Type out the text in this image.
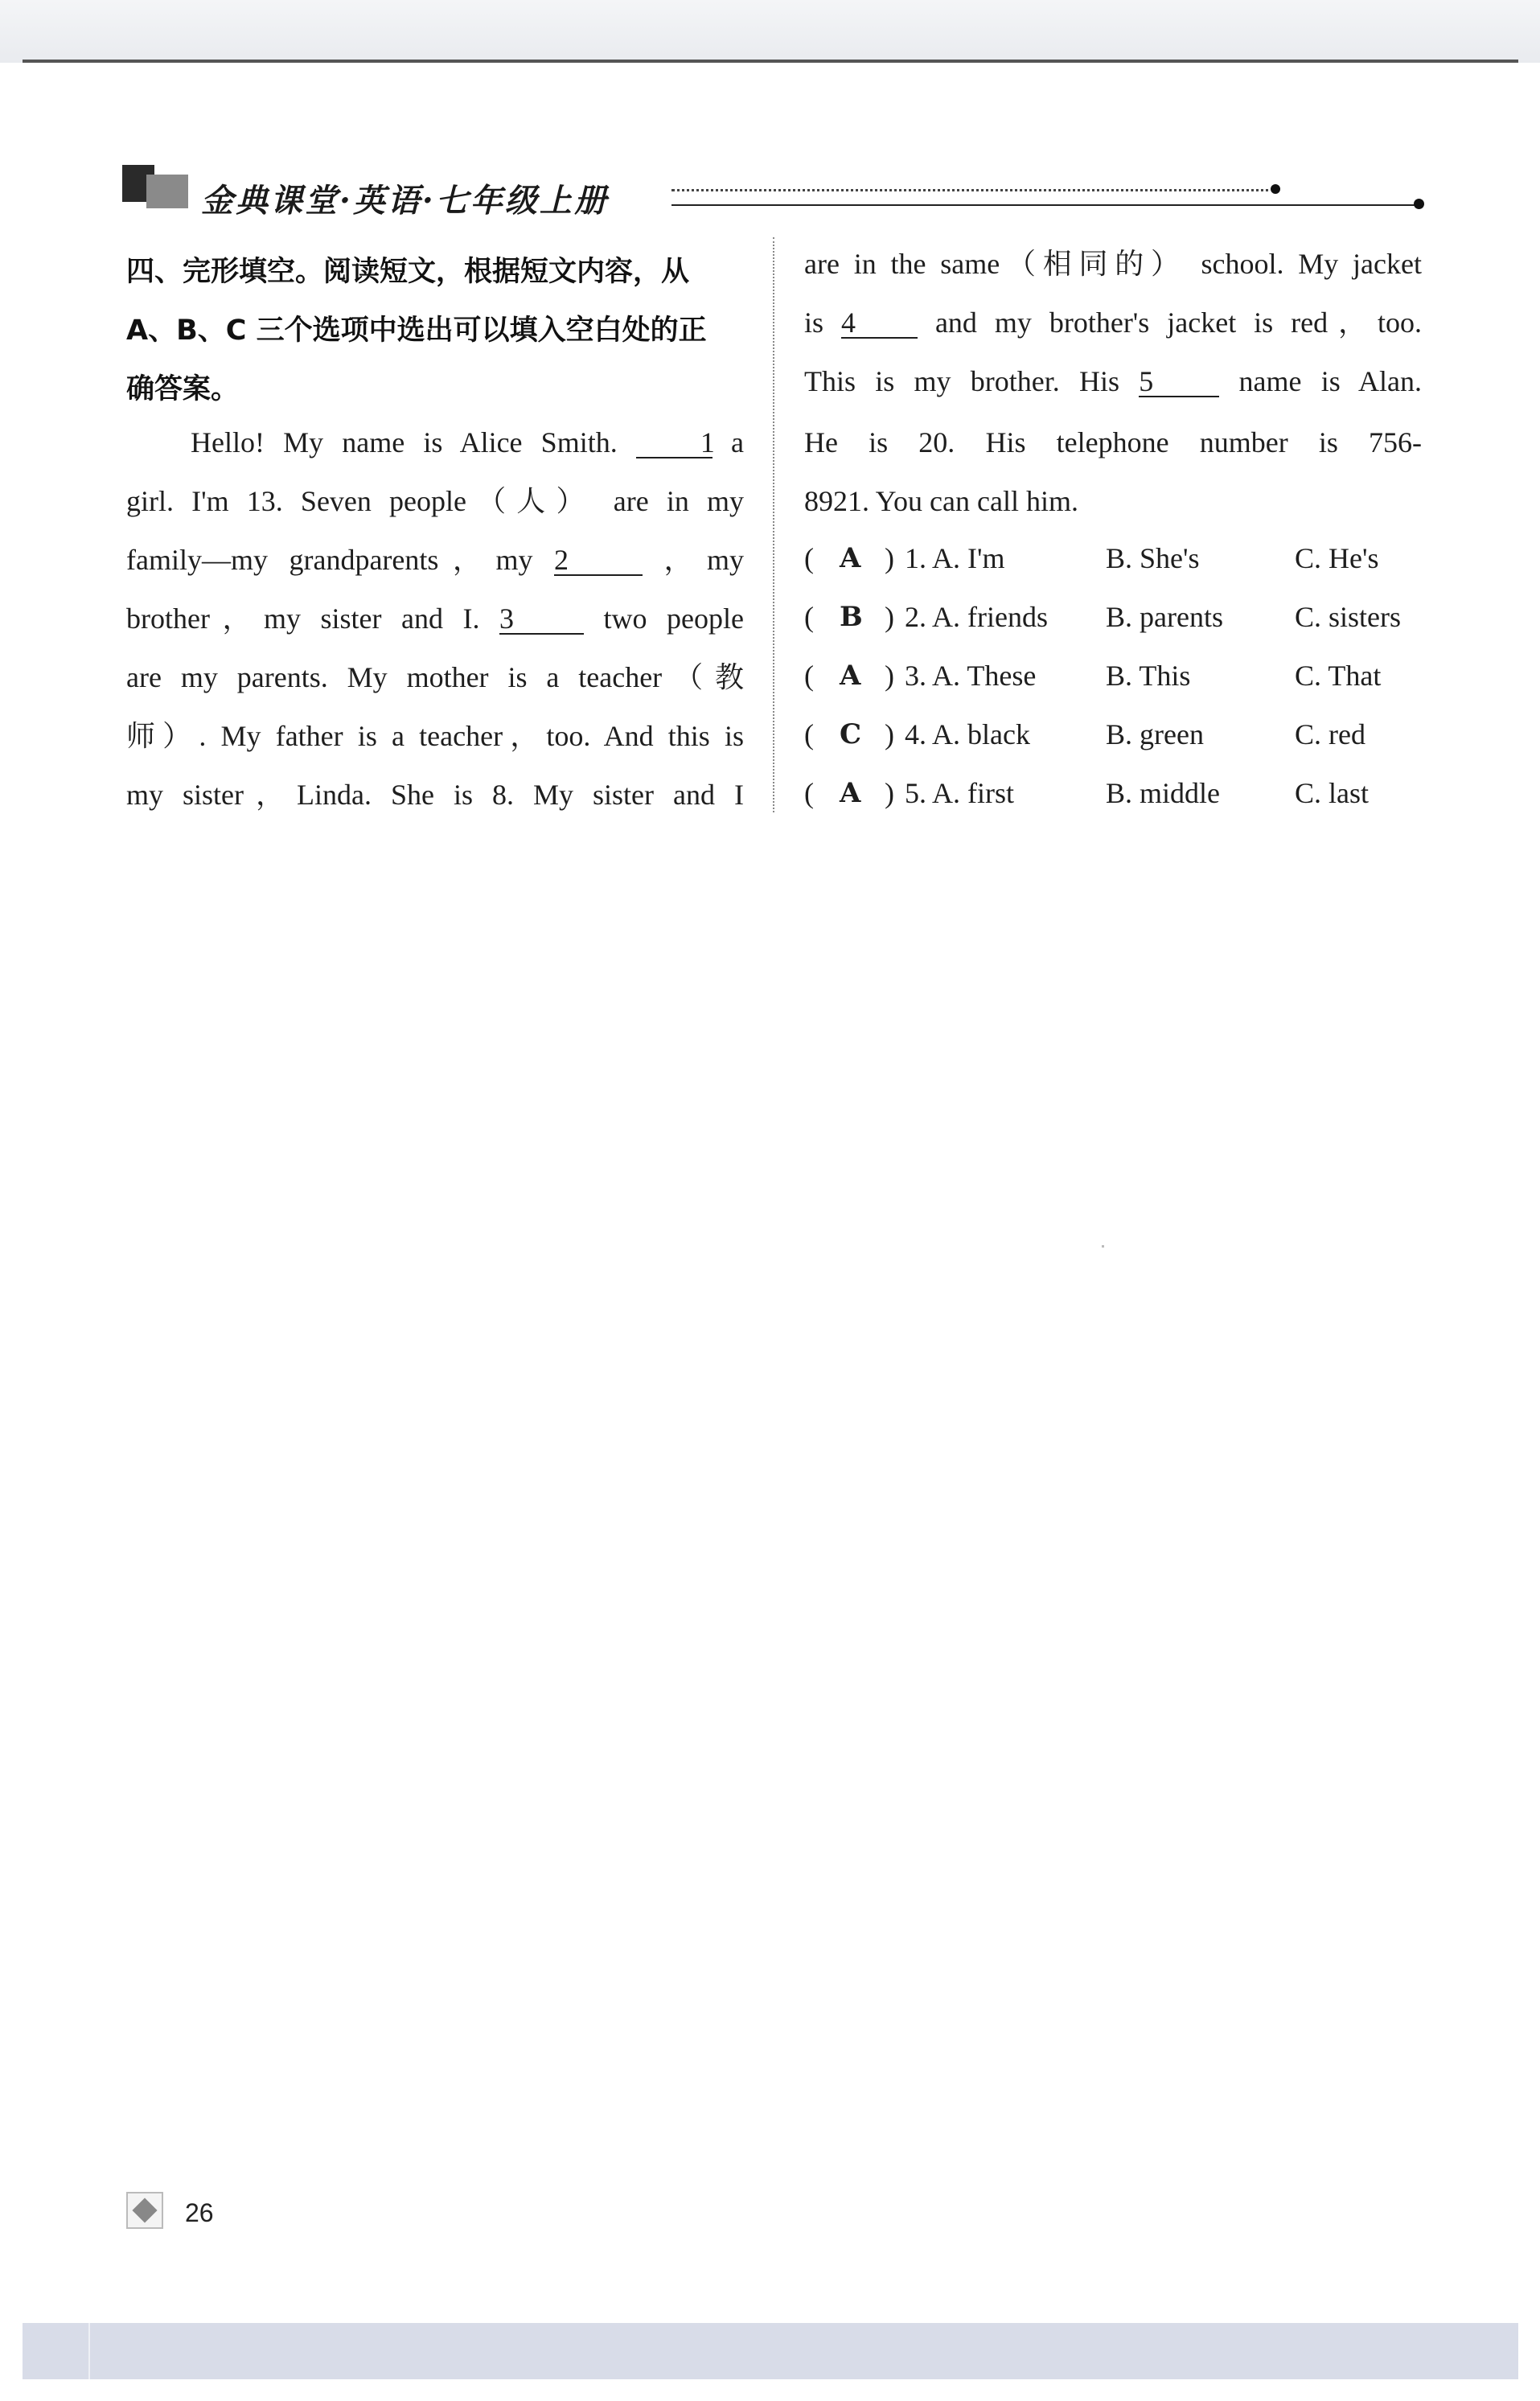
金典课堂·英语·七年级上册
四、完形填空。阅读短文，根据短文内容，从
A、B、C 三个选项中选出可以填入空白处的正
确答案。
Hello! My name is Alice Smith.	1 a
girl. I'm 13. Seven people（人） are in my
family—my grandparents，my 2	，my
brother，my sister and I. 3	two people
are my parents. My mother is a teacher（教
师）. My father is a teacher，too. And this is
my sister，Linda. She is 8. My sister and I
are in the same（相同的） school. My jacket
is 4	and my brother's jacket is red，too.
This is my brother. His 5	name is Alan.
He is 20. His telephone number is 756-
8921. You can call him.
( A ) 1. A. I'm	B. She's	C. He's
( B ) 2. A. friends B. parents C. sisters
( A ) 3. A. These B. This	C. That
( C ) 4. A. black	B. green	C. red
( A ) 5. A. first	B. middle	C. last
26
